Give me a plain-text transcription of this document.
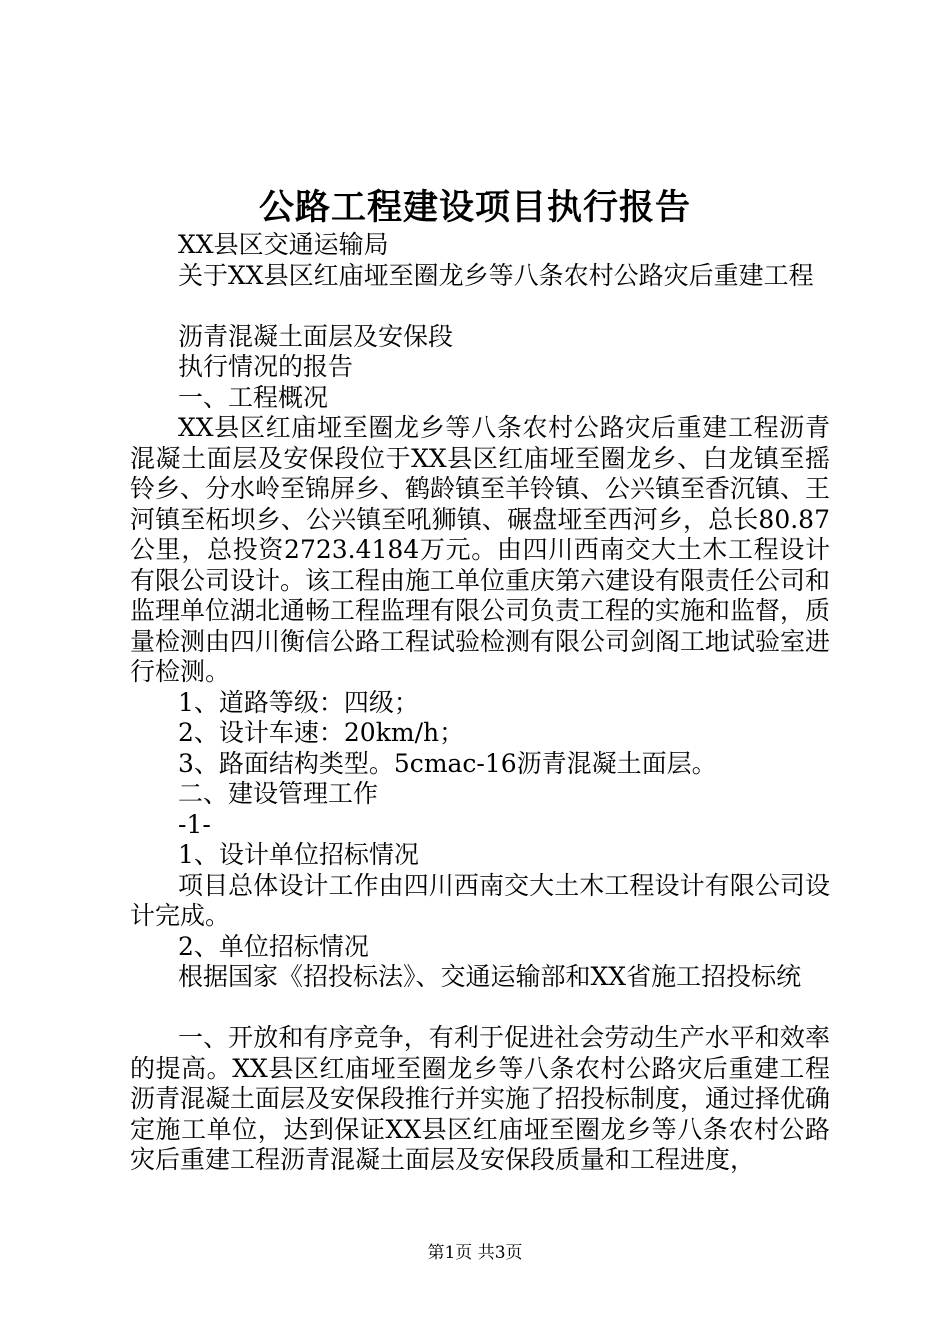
公路工程建设项目执行报告

XX县区交通运输局

关于XX县区红庙垭至圈龙乡等八条农村公路灾后重建工程

沥青混凝土面层及安保段

执行情况的报告

一、工程概况

XX县区红庙垭至圈龙乡等八条农村公路灾后重建工程沥青混凝土面层及安保段位于XX县区红庙垭至圈龙乡、白龙镇至摇铃乡、分水岭至锦屏乡、鹤龄镇至羊铃镇、公兴镇至香沉镇、王河镇至柘坝乡、公兴镇至吼狮镇、碾盘垭至西河乡，总长80.87公里，总投资2723.4184万元。由四川西南交大土木工程设计有限公司设计。该工程由施工单位重庆第六建设有限责任公司和监理单位湖北通畅工程监理有限公司负责工程的实施和监督，质量检测由四川衡信公路工程试验检测有限公司剑阁工地试验室进行检测。

1、道路等级：四级；

2、设计车速：20km/h；

3、路面结构类型。5cmac-16沥青混凝土面层。

二、建设管理工作

-1-

1、设计单位招标情况

项目总体设计工作由四川西南交大土木工程设计有限公司设计完成。

2、单位招标情况

根据国家《招投标法》、交通运输部和XX省施工招投标统

一、开放和有序竞争，有利于促进社会劳动生产水平和效率的提高。XX县区红庙垭至圈龙乡等八条农村公路灾后重建工程沥青混凝土面层及安保段推行并实施了招投标制度，通过择优确定施工单位，达到保证XX县区红庙垭至圈龙乡等八条农村公路灾后重建工程沥青混凝土面层及安保段质量和工程进度，

第1页 共3页
